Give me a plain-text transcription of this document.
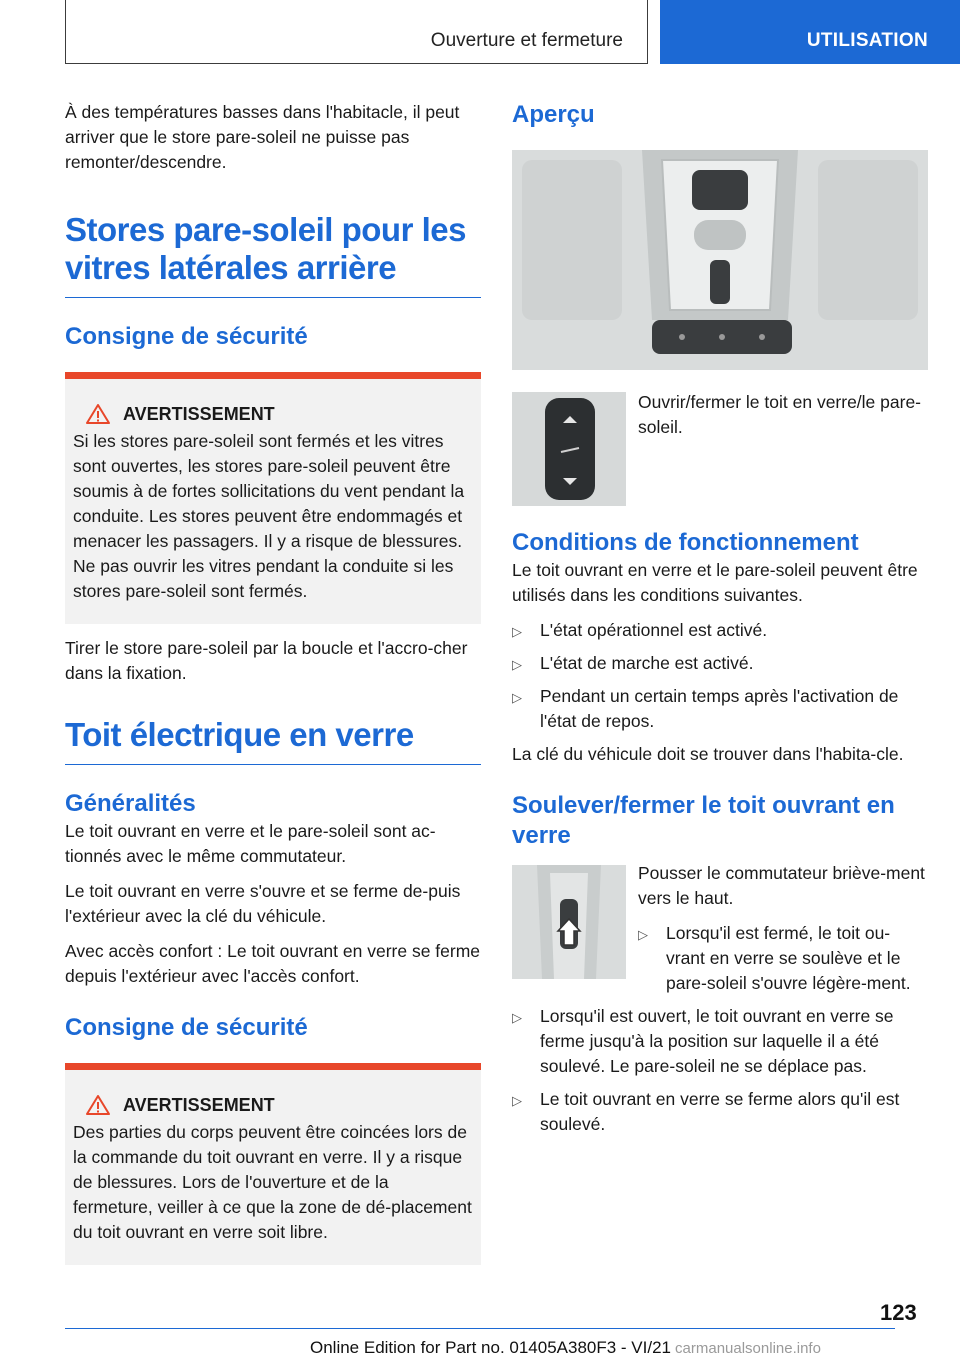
Ouverture et fermeture	UTILISATION

À des températures basses dans l'habitacle, il peut arriver que le store pare-soleil ne puisse pas remonter/descendre.

Stores pare-soleil pour les vitres latérales arrière
Consigne de sécurité
AVERTISSEMENT
Si les stores pare-soleil sont fermés et les vitres sont ouvertes, les stores pare-soleil peuvent être soumis à de fortes sollicitations du vent pendant la conduite. Les stores peuvent être endommagés et menacer les passagers. Il y a risque de blessures. Ne pas ouvrir les vitres pendant la conduite si les stores pare-soleil sont fermés.

Tirer le store pare-soleil par la boucle et l'accro-cher dans la fixation.

Toit électrique en verre
Généralités

Le toit ouvrant en verre et le pare-soleil sont ac-tionnés avec le même commutateur.

Le toit ouvrant en verre s'ouvre et se ferme de-puis l'extérieur avec la clé du véhicule.

Avec accès confort : Le toit ouvrant en verre se ferme depuis l'extérieur avec l'accès confort.

Consigne de sécurité
AVERTISSEMENT
Des parties du corps peuvent être coincées lors de la commande du toit ouvrant en verre. Il y a risque de blessures. Lors de l'ouverture et de la fermeture, veiller à ce que la zone de dé-placement du toit ouvrant en verre soit libre.
Aperçu

Ouvrir/fermer le toit en verre/le pare-soleil.

Conditions de fonctionnement

Le toit ouvrant en verre et le pare-soleil peuvent être utilisés dans les conditions suivantes.

▷ L'état opérationnel est activé.
▷ L'état de marche est activé.
▷ Pendant un certain temps après l'activation de l'état de repos.

La clé du véhicule doit se trouver dans l'habita-cle.

Soulever/fermer le toit ouvrant en verre

Pousser le commutateur briève-ment vers le haut.

▷ Lorsqu'il est fermé, le toit ou-vrant en verre se soulève et le pare-soleil s'ouvre légère-ment.
▷ Lorsqu'il est ouvert, le toit ouvrant en verre se ferme jusqu'à la position sur laquelle il a été soulevé. Le pare-soleil ne se déplace pas.
▷ Le toit ouvrant en verre se ferme alors qu'il est soulevé.
123
Online Edition for Part no. 01405A380F3 - VI/21 carmanualsonline.info
